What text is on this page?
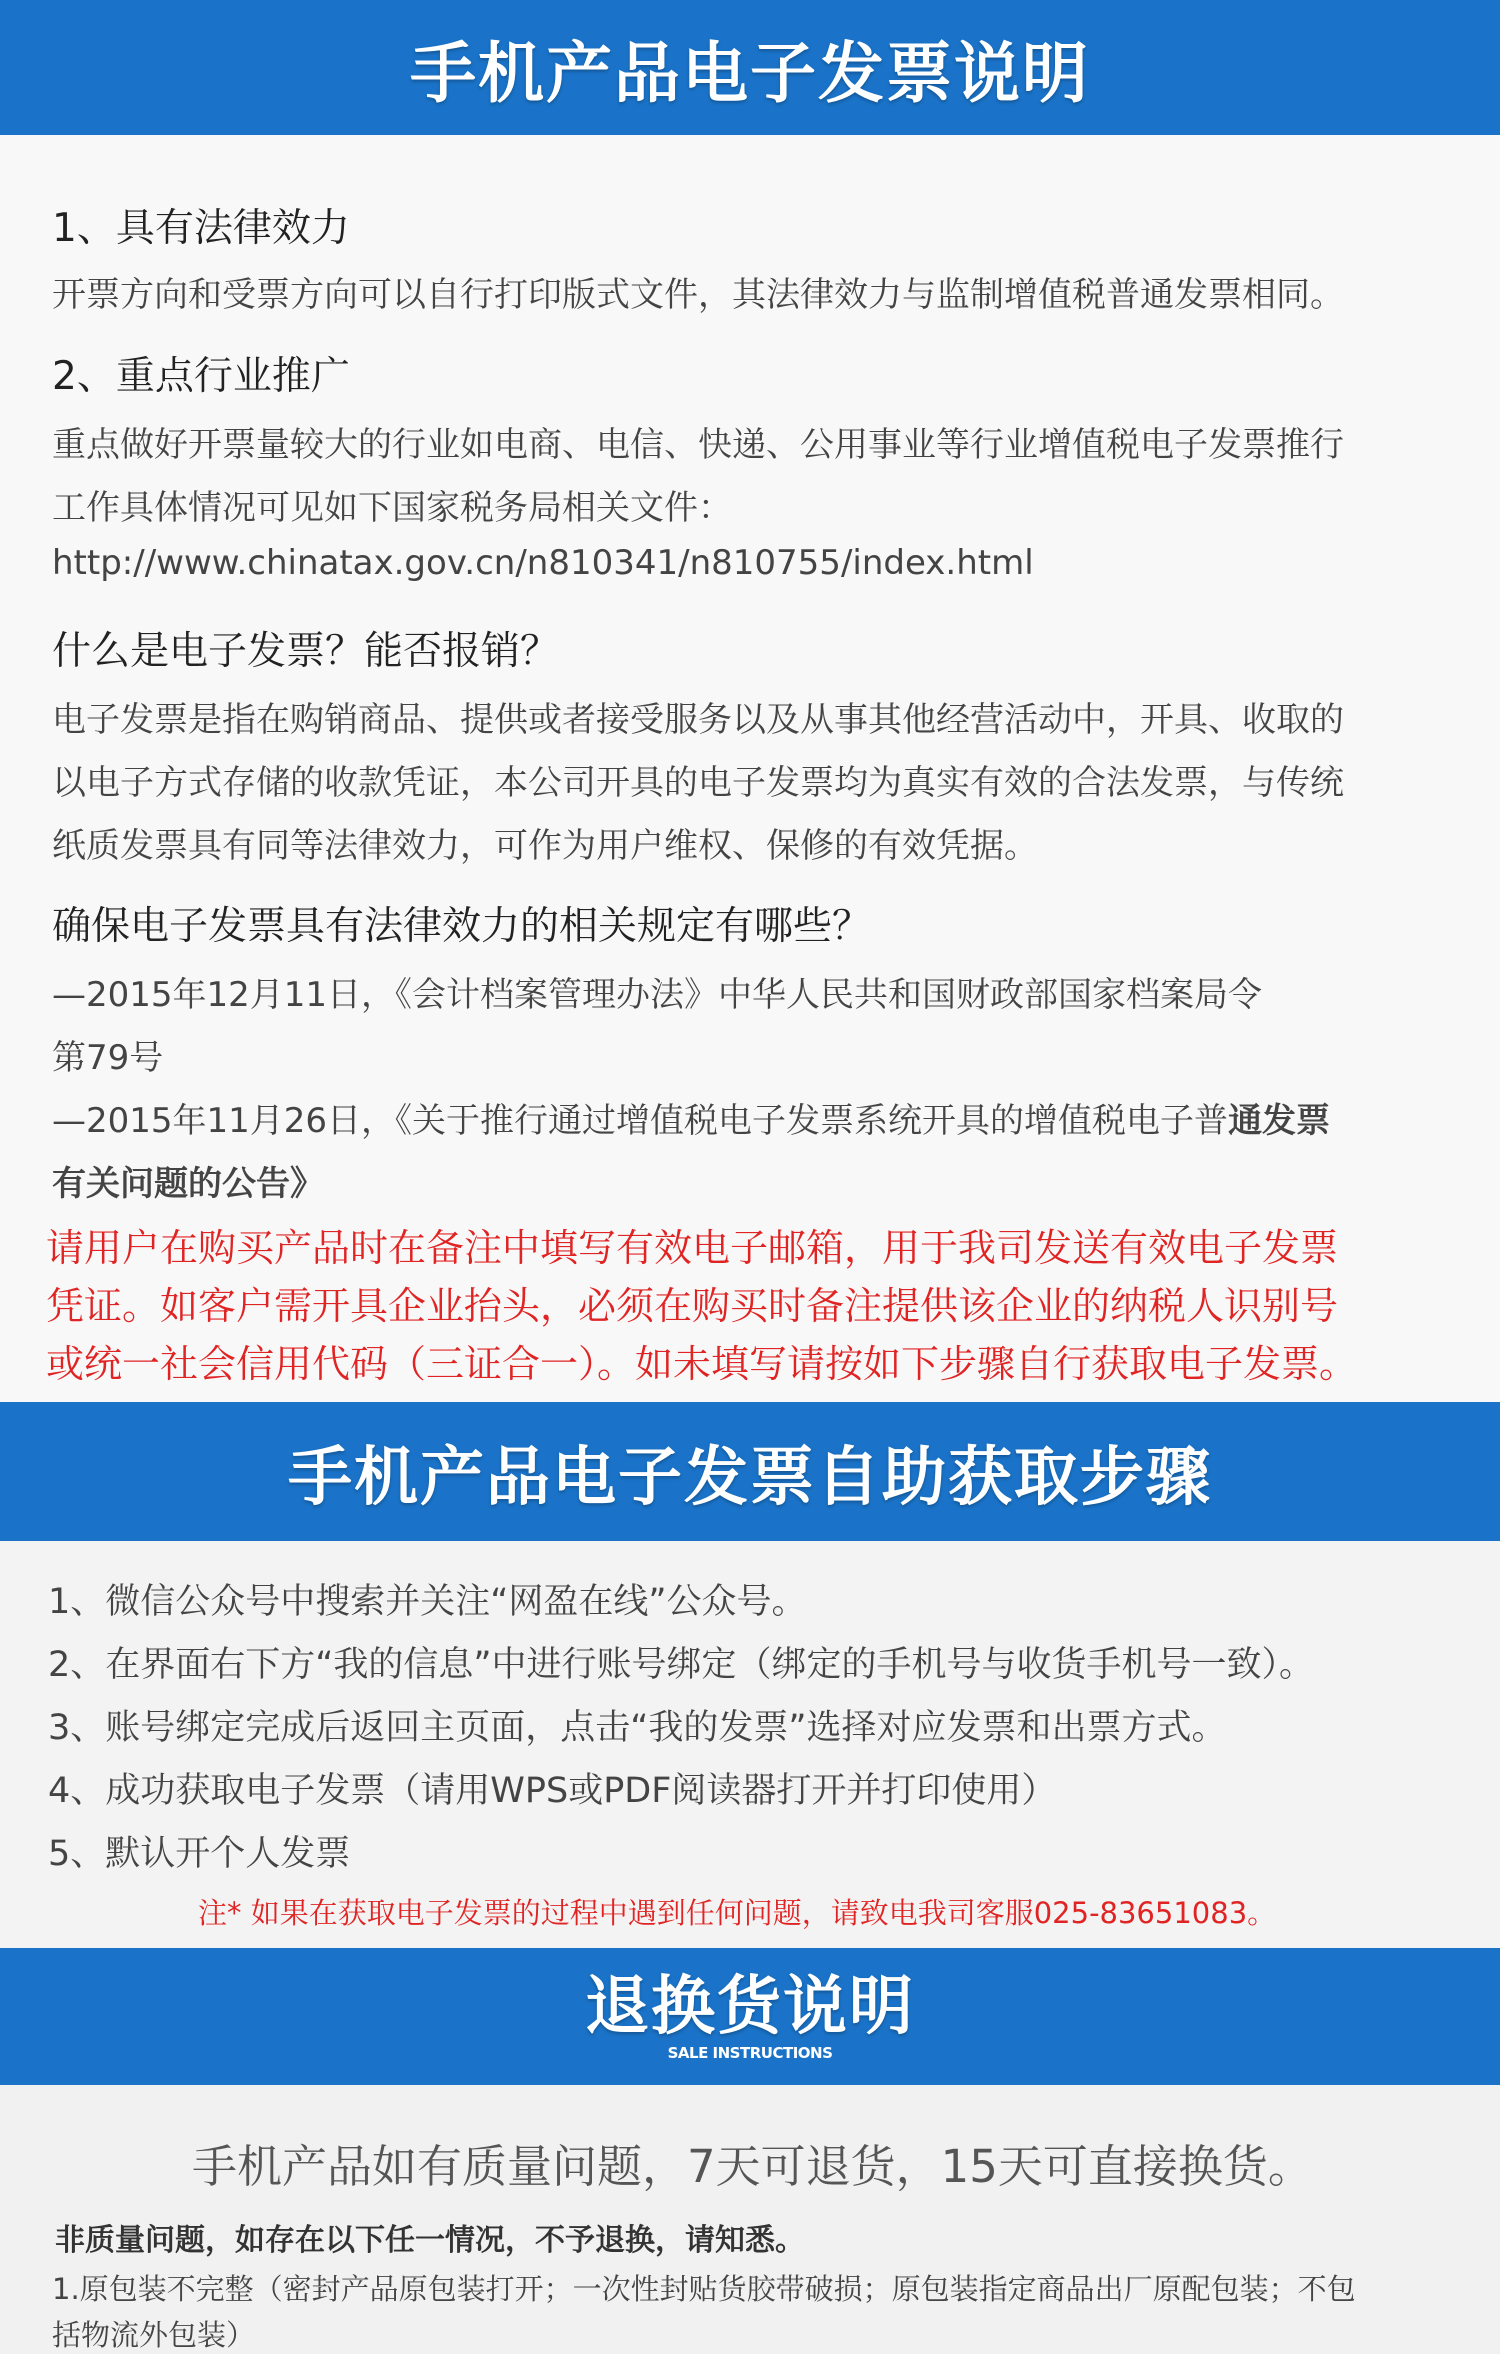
手机产品电子发票说明
1、具有法律效力
开票方向和受票方向可以自行打印版式文件，其法律效力与监制增值税普通发票相同。
2、重点行业推广
重点做好开票量较大的行业如电商、电信、快递、公用事业等行业增值税电子发票推行
工作具体情况可见如下国家税务局相关文件：
http://www.chinatax.gov.cn/n810341/n810755/index.html
什么是电子发票？能否报销？
电子发票是指在购销商品、提供或者接受服务以及从事其他经营活动中，开具、收取的
以电子方式存储的收款凭证，本公司开具的电子发票均为真实有效的合法发票，与传统
纸质发票具有同等法律效力，可作为用户维权、保修的有效凭据。
确保电子发票具有法律效力的相关规定有哪些？
—2015年12月11日，《会计档案管理办法》中华人民共和国财政部国家档案局令
第79号
—2015年11月26日，《关于推行通过增值税电子发票系统开具的增值税电子普通发票
有关问题的公告》
请用户在购买产品时在备注中填写有效电子邮箱，用于我司发送有效电子发票
凭证。如客户需开具企业抬头，必须在购买时备注提供该企业的纳税人识别号
或统一社会信用代码（三证合一）。如未填写请按如下步骤自行获取电子发票。
手机产品电子发票自助获取步骤
1、微信公众号中搜索并关注“网盈在线”公众号。
2、在界面右下方“我的信息”中进行账号绑定（绑定的手机号与收货手机号一致）。
3、账号绑定完成后返回主页面，点击“我的发票”选择对应发票和出票方式。
4、成功获取电子发票（请用WPS或PDF阅读器打开并打印使用）
5、默认开个人发票
注* 如果在获取电子发票的过程中遇到任何问题，请致电我司客服025-83651083。
退换货说明
SALE INSTRUCTIONS
手机产品如有质量问题，7天可退货，15天可直接换货。
非质量问题，如存在以下任一情况，不予退换，请知悉。
1.原包装不完整（密封产品原包装打开；一次性封贴货胶带破损；原包装指定商品出厂原配包装；不包
括物流外包装）
